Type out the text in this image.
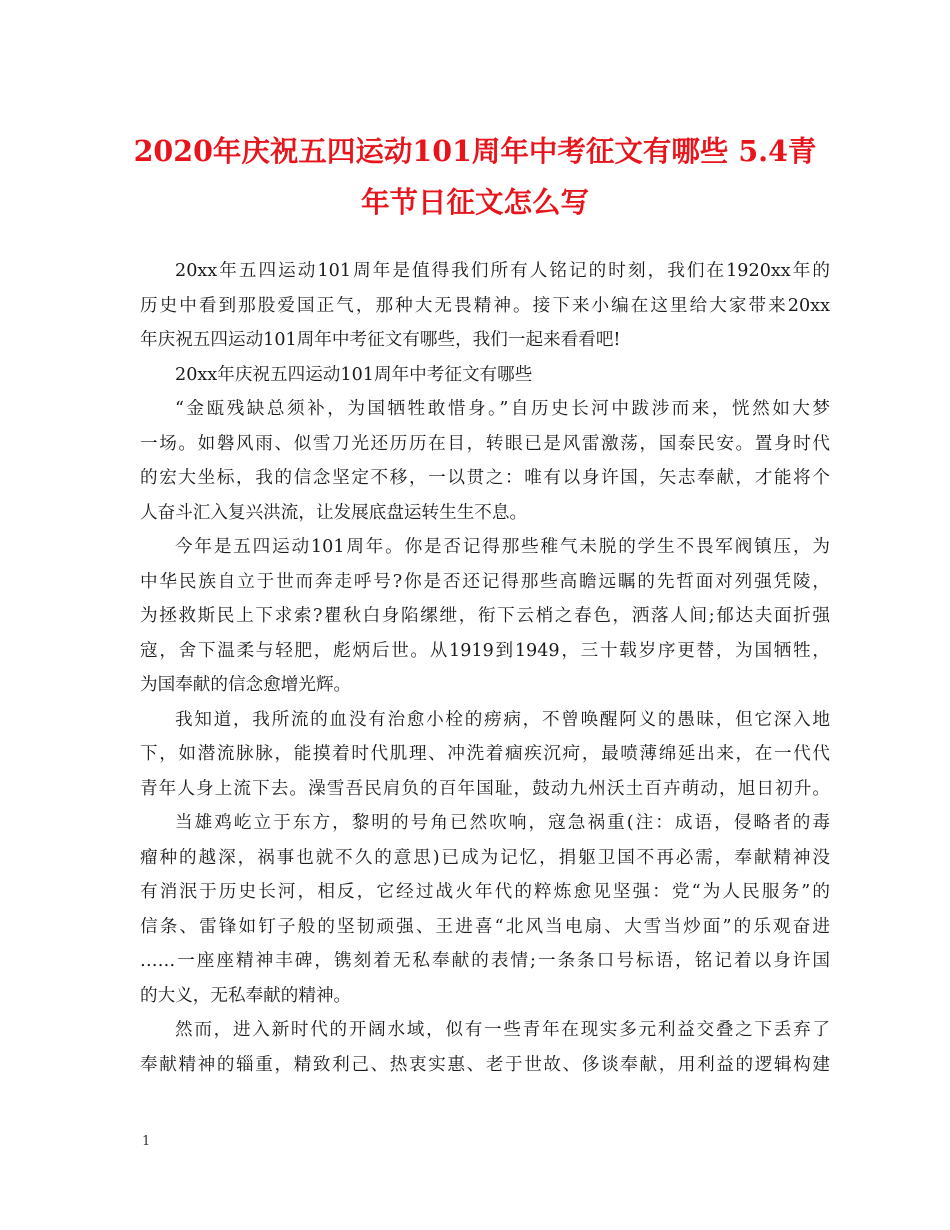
2020年庆祝五四运动101周年中考征文有哪些 5.4青
年节日征文怎么写
20xx年五四运动101周年是值得我们所有人铭记的时刻，我们在1920xx年的
历史中看到那股爱国正气，那种大无畏精神。接下来小编在这里给大家带来20xx
年庆祝五四运动101周年中考征文有哪些，我们一起来看看吧!
20xx年庆祝五四运动101周年中考征文有哪些
“金瓯残缺总须补，为国牺牲敢惜身。”自历史长河中跋涉而来，恍然如大梦
一场。如磐风雨、似雪刀光还历历在目，转眼已是风雷激荡，国泰民安。置身时代
的宏大坐标，我的信念坚定不移，一以贯之：唯有以身许国，矢志奉献，才能将个
人奋斗汇入复兴洪流，让发展底盘运转生生不息。
今年是五四运动101周年。你是否记得那些稚气未脱的学生不畏军阀镇压，为
中华民族自立于世而奔走呼号?你是否还记得那些高瞻远瞩的先哲面对列强凭陵，
为拯救斯民上下求索?瞿秋白身陷缧绁，衔下云梢之春色，洒落人间;郁达夫面折强
寇，舍下温柔与轻肥，彪炳后世。从1919到1949，三十载岁序更替，为国牺牲，
为国奉献的信念愈增光辉。
我知道，我所流的血没有治愈小栓的痨病，不曾唤醒阿义的愚昧，但它深入地
下，如潜流脉脉，能摸着时代肌理、冲洗着痼疾沉疴，最喷薄绵延出来，在一代代
青年人身上流下去。澡雪吾民肩负的百年国耻，鼓动九州沃土百卉萌动，旭日初升。
当雄鸡屹立于东方，黎明的号角已然吹响，寇急祸重(注：成语，侵略者的毒
瘤种的越深，祸事也就不久的意思)已成为记忆，捐躯卫国不再必需，奉献精神没
有消泯于历史长河，相反，它经过战火年代的粹炼愈见坚强：党“为人民服务”的
信条、雷锋如钉子般的坚韧顽强、王进喜“北风当电扇、大雪当炒面”的乐观奋进
……一座座精神丰碑，镌刻着无私奉献的表情;一条条口号标语，铭记着以身许国
的大义，无私奉献的精神。
然而，进入新时代的开阔水域，似有一些青年在现实多元利益交叠之下丢弃了
奉献精神的辎重，精致利己、热衷实惠、老于世故、侈谈奉献，用利益的逻辑构建
1
